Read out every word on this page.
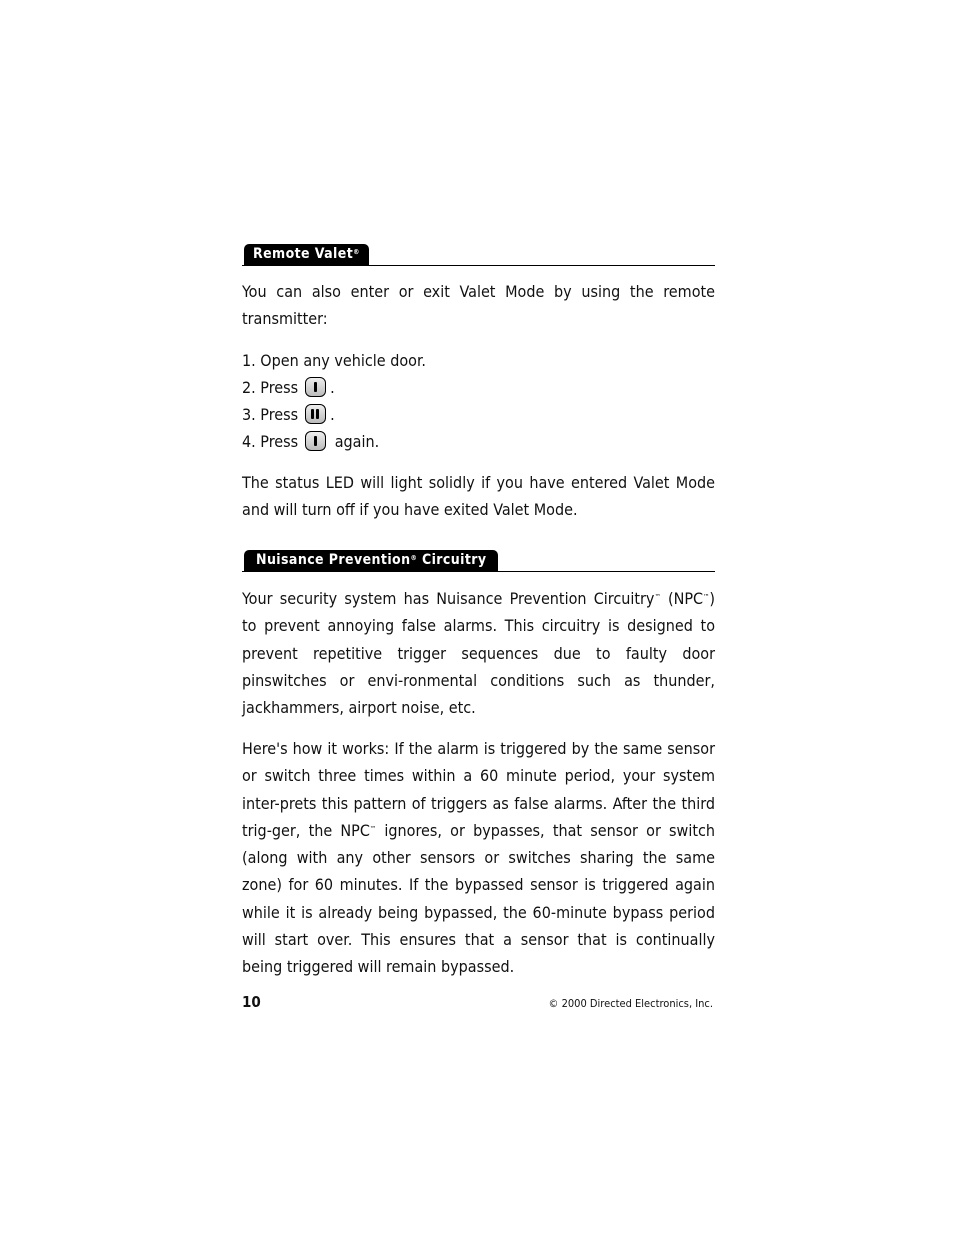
Remote Valet®

You can also enter or exit Valet Mode by using the remote transmitter:

1. Open any vehicle door.
2. Press .
3. Press .
4. Press again.

The status LED will light solidly if you have entered Valet Mode and will turn off if you have exited Valet Mode.

Nuisance Prevention® Circuitry

Your security system has Nuisance Prevention Circuitry™ (NPC™) to prevent annoying false alarms. This circuitry is designed to prevent repetitive trigger sequences due to faulty door pinswitches or envi-ronmental conditions such as thunder, jackhammers, airport noise, etc.

Here's how it works: If the alarm is triggered by the same sensor or switch three times within a 60 minute period, your system inter-prets this pattern of triggers as false alarms. After the third trig-ger, the NPC™ ignores, or bypasses, that sensor or switch (along with any other sensors or switches sharing the same zone) for 60 minutes. If the bypassed sensor is triggered again while it is already being bypassed, the 60-minute bypass period will start over. This ensures that a sensor that is continually being triggered will remain bypassed.

10	© 2000 Directed Electronics, Inc.
